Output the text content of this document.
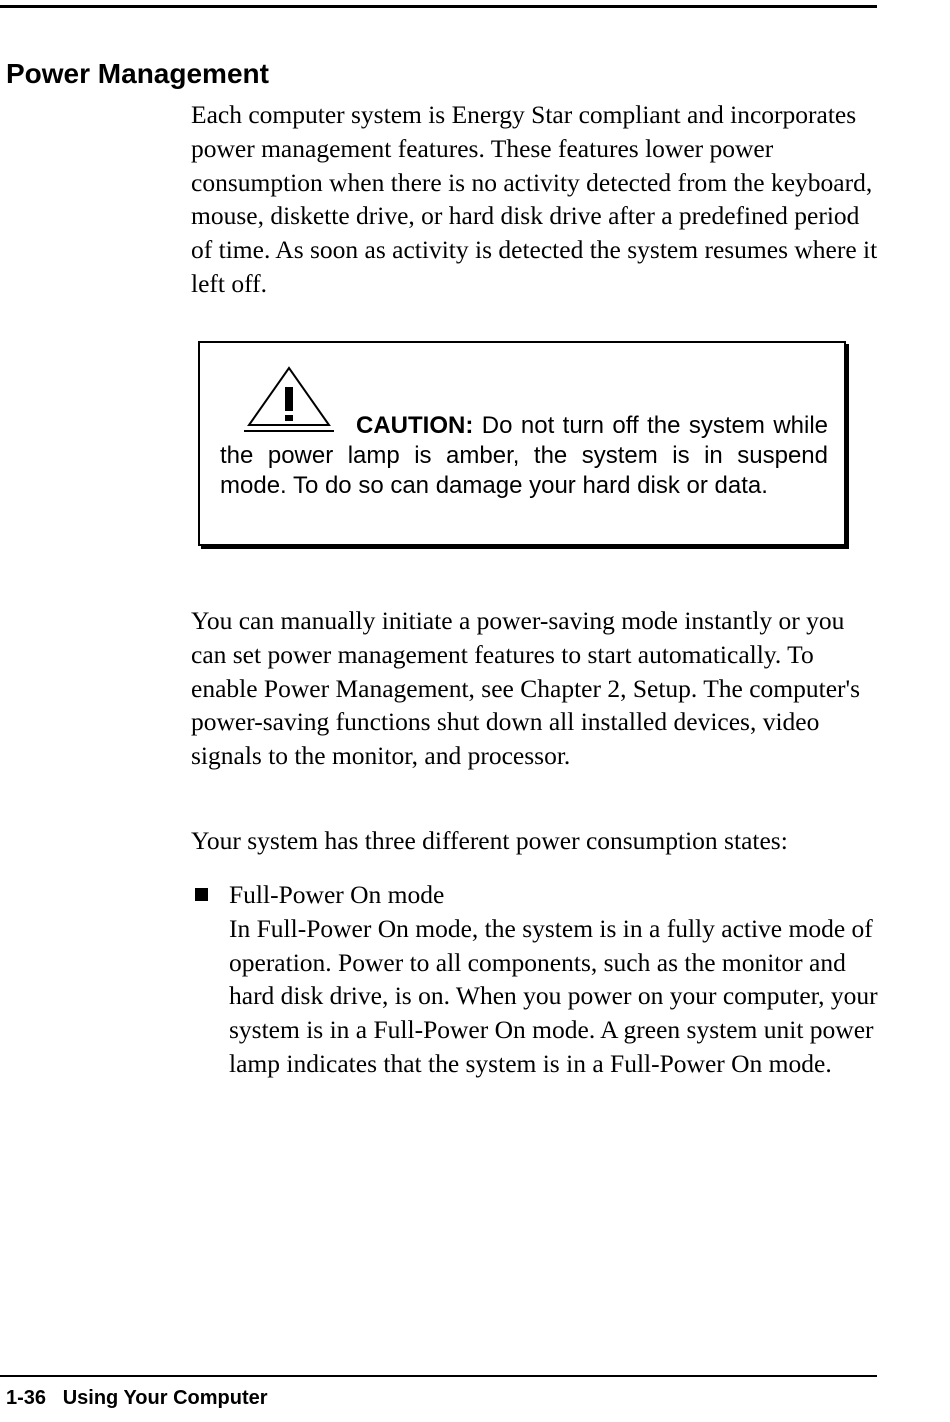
Power Management

Each computer system is Energy Star compliant and incorporates power management features. These features lower power consumption when there is no activity detected from the keyboard, mouse, diskette drive, or hard disk drive after a predefined period of time. As soon as activity is detected the system resumes where it left off.

CAUTION: Do not turn off the system while the power lamp is amber, the system is in suspend mode. To do so can damage your hard disk or data.

You can manually initiate a power-saving mode instantly or you can set power management features to start automatically. To enable Power Management, see Chapter 2, Setup. The computer's power-saving functions shut down all installed devices, video signals to the monitor, and processor.

Your system has three different power consumption states:

Full-Power On mode
In Full-Power On mode, the system is in a fully active mode of operation. Power to all components, such as the monitor and hard disk drive, is on. When you power on your computer, your system is in a Full-Power On mode. A green system unit power lamp indicates that the system is in a Full-Power On mode.

1-36 Using Your Computer
